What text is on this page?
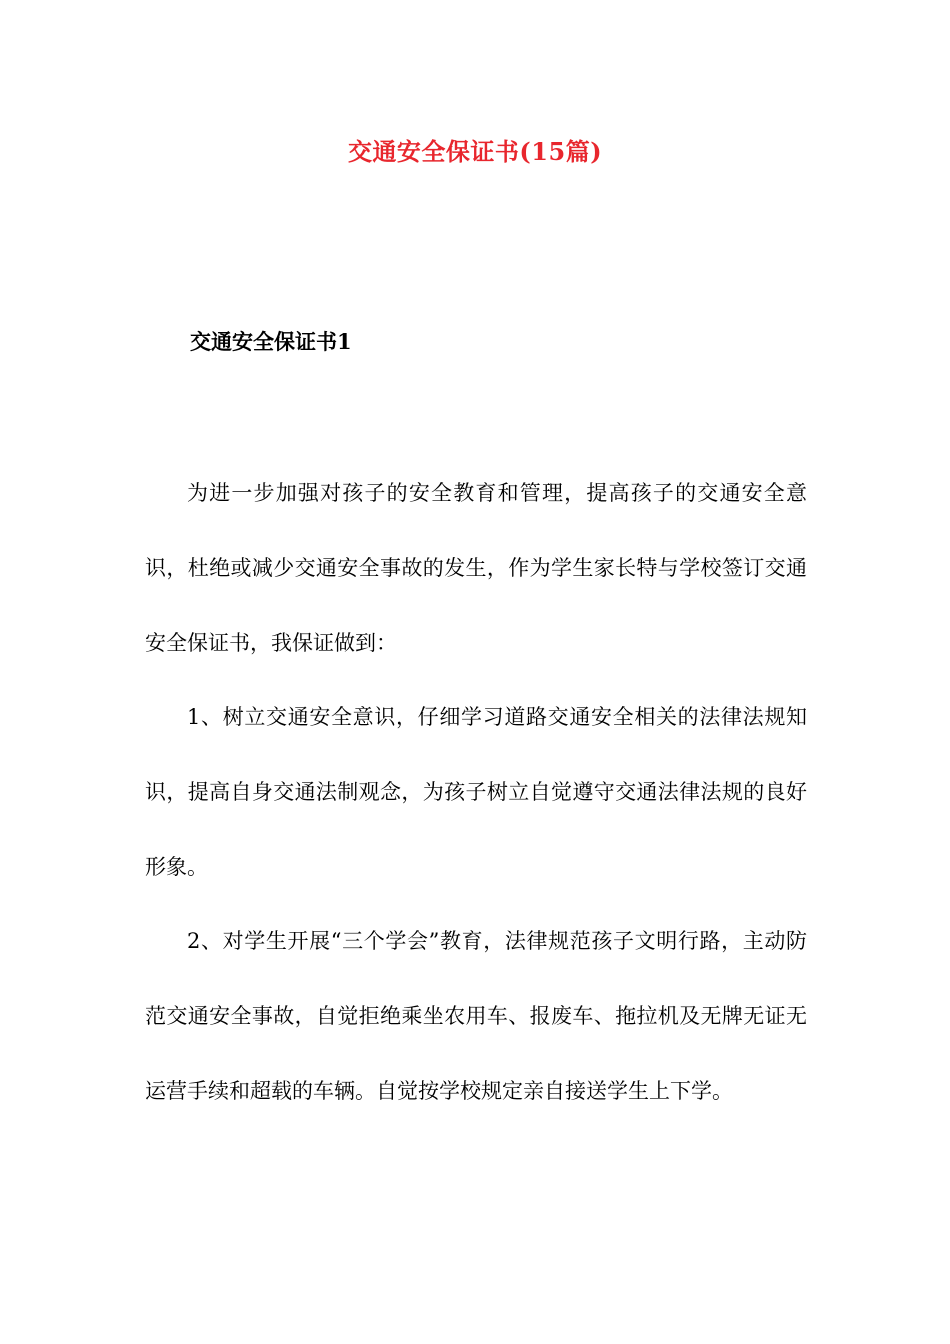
交通安全保证书(15篇)
交通安全保证书1

为进一步加强对孩子的安全教育和管理，提高孩子的交通安全意识，杜绝或减少交通安全事故的发生，作为学生家长特与学校签订交通安全保证书，我保证做到：

1、树立交通安全意识，仔细学习道路交通安全相关的法律法规知识，提高自身交通法制观念，为孩子树立自觉遵守交通法律法规的良好形象。

2、对学生开展“三个学会”教育，法律规范孩子文明行路，主动防范交通安全事故，自觉拒绝乘坐农用车、报废车、拖拉机及无牌无证无运营手续和超载的车辆。自觉按学校规定亲自接送学生上下学。
